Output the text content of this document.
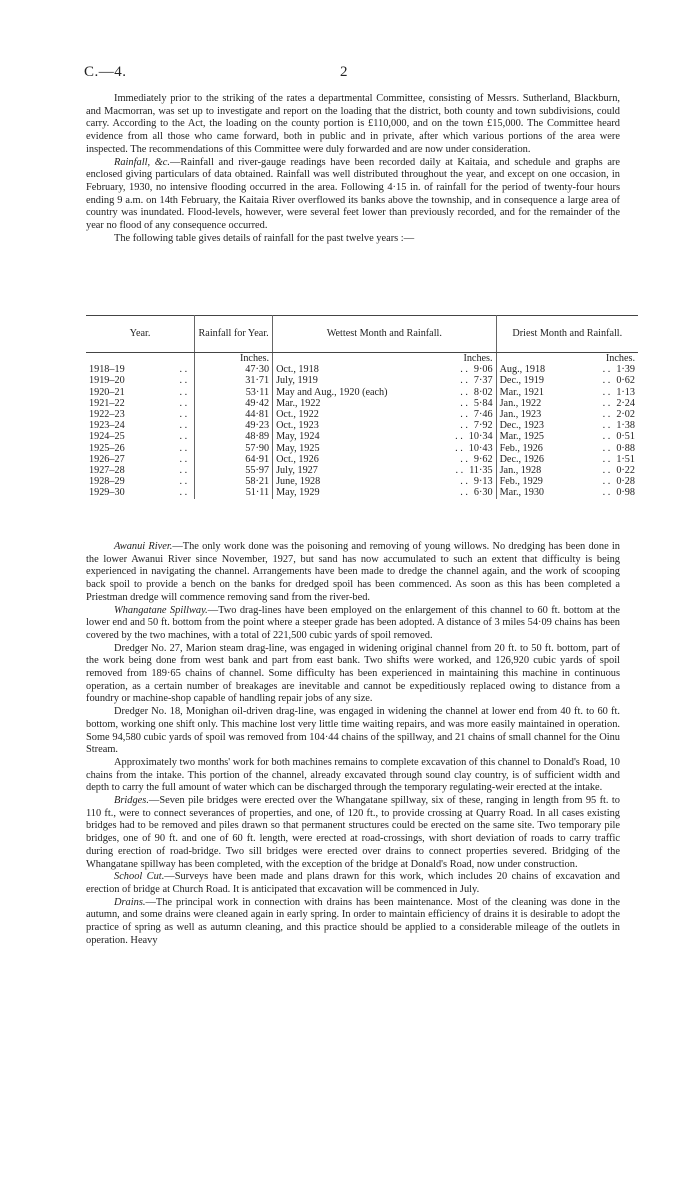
C.—4.	2

Immediately prior to the striking of the rates a departmental Committee, consisting of Messrs. Sutherland, Blackburn, and Macmorran, was set up to investigate and report on the loading that the district, both county and town subdivisions, could carry. According to the Act, the loading on the county portion is £110,000, and on the town £15,000. The Committee heard evidence from all those who came forward, both in public and in private, after which various portions of the area were inspected. The recommendations of this Committee were duly forwarded and are now under consideration.

Rainfall, &c.—Rainfall and river-gauge readings have been recorded daily at Kaitaia, and schedule and graphs are enclosed giving particulars of data obtained. Rainfall was well distributed throughout the year, and except on one occasion, in February, 1930, no intensive flooding occurred in the area. Following 4·15 in. of rainfall for the period of twenty-four hours ending 9 a.m. on 14th February, the Kaitaia River overflowed its banks above the township, and in consequence a large area of country was inundated. Flood-levels, however, were several feet lower than previously recorded, and for the remainder of the year no flood of any consequence occurred.

The following table gives details of rainfall for the past twelve years :—

Year.	Rainfall for Year.	Wettest Month and Rainfall.	Driest Month and Rainfall.
	Inches.	Inches.	Inches.
1918–19 . .	47·30	Oct., 1918 . . 9·06	Aug., 1918 . . 1·39

1919–20 . .	31·71	July, 1919 . . 7·37	Dec., 1919 . . 0·62

1920–21 . .	53·11	May and Aug., 1920 (each) . . 8·02	Mar., 1921 . . 1·13

1921–22 . .	49·42	Mar., 1922 . . 5·84	Jan., 1922 . . 2·24

1922–23 . .	44·81	Oct., 1922 . . 7·46	Jan., 1923 . . 2·02

1923–24 . .	49·23	Oct., 1923 . . 7·92	Dec., 1923 . . 1·38

1924–25 . .	48·89	May, 1924 . . 10·34	Mar., 1925 . . 0·51

1925–26 . .	57·90	May, 1925 . . 10·43	Feb., 1926 . . 0·88

1926–27 . .	64·91	Oct., 1926 . . 9·62	Dec., 1926 . . 1·51

1927–28 . .	55·97	July, 1927 . . 11·35	Jan., 1928 . . 0·22

1928–29 . .	58·21	June, 1928 . . 9·13	Feb., 1929 . . 0·28

1929–30 . .	51·11	May, 1929 . . 6·30	Mar., 1930 . . 0·98

Awanui River.—The only work done was the poisoning and removing of young willows. No dredging has been done in the lower Awanui River since November, 1927, but sand has now accumulated to such an extent that difficulty is being experienced in navigating the channel. Arrangements have been made to dredge the channel again, and the work of scooping back spoil to provide a bench on the banks for dredged spoil has been commenced. As soon as this has been completed a Priestman dredge will commence removing sand from the river-bed.

Whangatane Spillway.—Two drag-lines have been employed on the enlargement of this channel to 60 ft. bottom at the lower end and 50 ft. bottom from the point where a steeper grade has been adopted. A distance of 3 miles 54·09 chains has been covered by the two machines, with a total of 221,500 cubic yards of spoil removed.

Dredger No. 27, Marion steam drag-line, was engaged in widening original channel from 20 ft. to 50 ft. bottom, part of the work being done from west bank and part from east bank. Two shifts were worked, and 126,920 cubic yards of spoil removed from 189·65 chains of channel. Some difficulty has been experienced in maintaining this machine in continuous operation, as a certain number of breakages are inevitable and cannot be expeditiously replaced owing to distance from a foundry or machine-shop capable of handling repair jobs of any size.

Dredger No. 18, Monighan oil-driven drag-line, was engaged in widening the channel at lower end from 40 ft. to 60 ft. bottom, working one shift only. This machine lost very little time waiting repairs, and was more easily maintained in operation. Some 94,580 cubic yards of spoil was removed from 104·44 chains of the spillway, and 21 chains of small channel for the Oinu Stream.

Approximately two months' work for both machines remains to complete excavation of this channel to Donald's Road, 10 chains from the intake. This portion of the channel, already excavated through sound clay country, is of sufficient width and depth to carry the full amount of water which can be discharged through the temporary regulating-weir erected at the intake.

Bridges.—Seven pile bridges were erected over the Whangatane spillway, six of these, ranging in length from 95 ft. to 110 ft., were to connect severances of properties, and one, of 120 ft., to provide crossing at Quarry Road. In all cases existing bridges had to be removed and piles drawn so that permanent structures could be erected on the same site. Two temporary pile bridges, one of 90 ft. and one of 60 ft. length, were erected at road-crossings, with short deviation of roads to carry traffic during erection of road-bridge. Two sill bridges were erected over drains to connect properties severed. Bridging of the Whangatane spillway has been completed, with the exception of the bridge at Donald's Road, now under construction.

School Cut.—Surveys have been made and plans drawn for this work, which includes 20 chains of excavation and erection of bridge at Church Road. It is anticipated that excavation will be commenced in July.

Drains.—The principal work in connection with drains has been maintenance. Most of the cleaning was done in the autumn, and some drains were cleaned again in early spring. In order to maintain efficiency of drains it is desirable to adopt the practice of spring as well as autumn cleaning, and this practice should be applied to a considerable mileage of the outlets in operation. Heavy
